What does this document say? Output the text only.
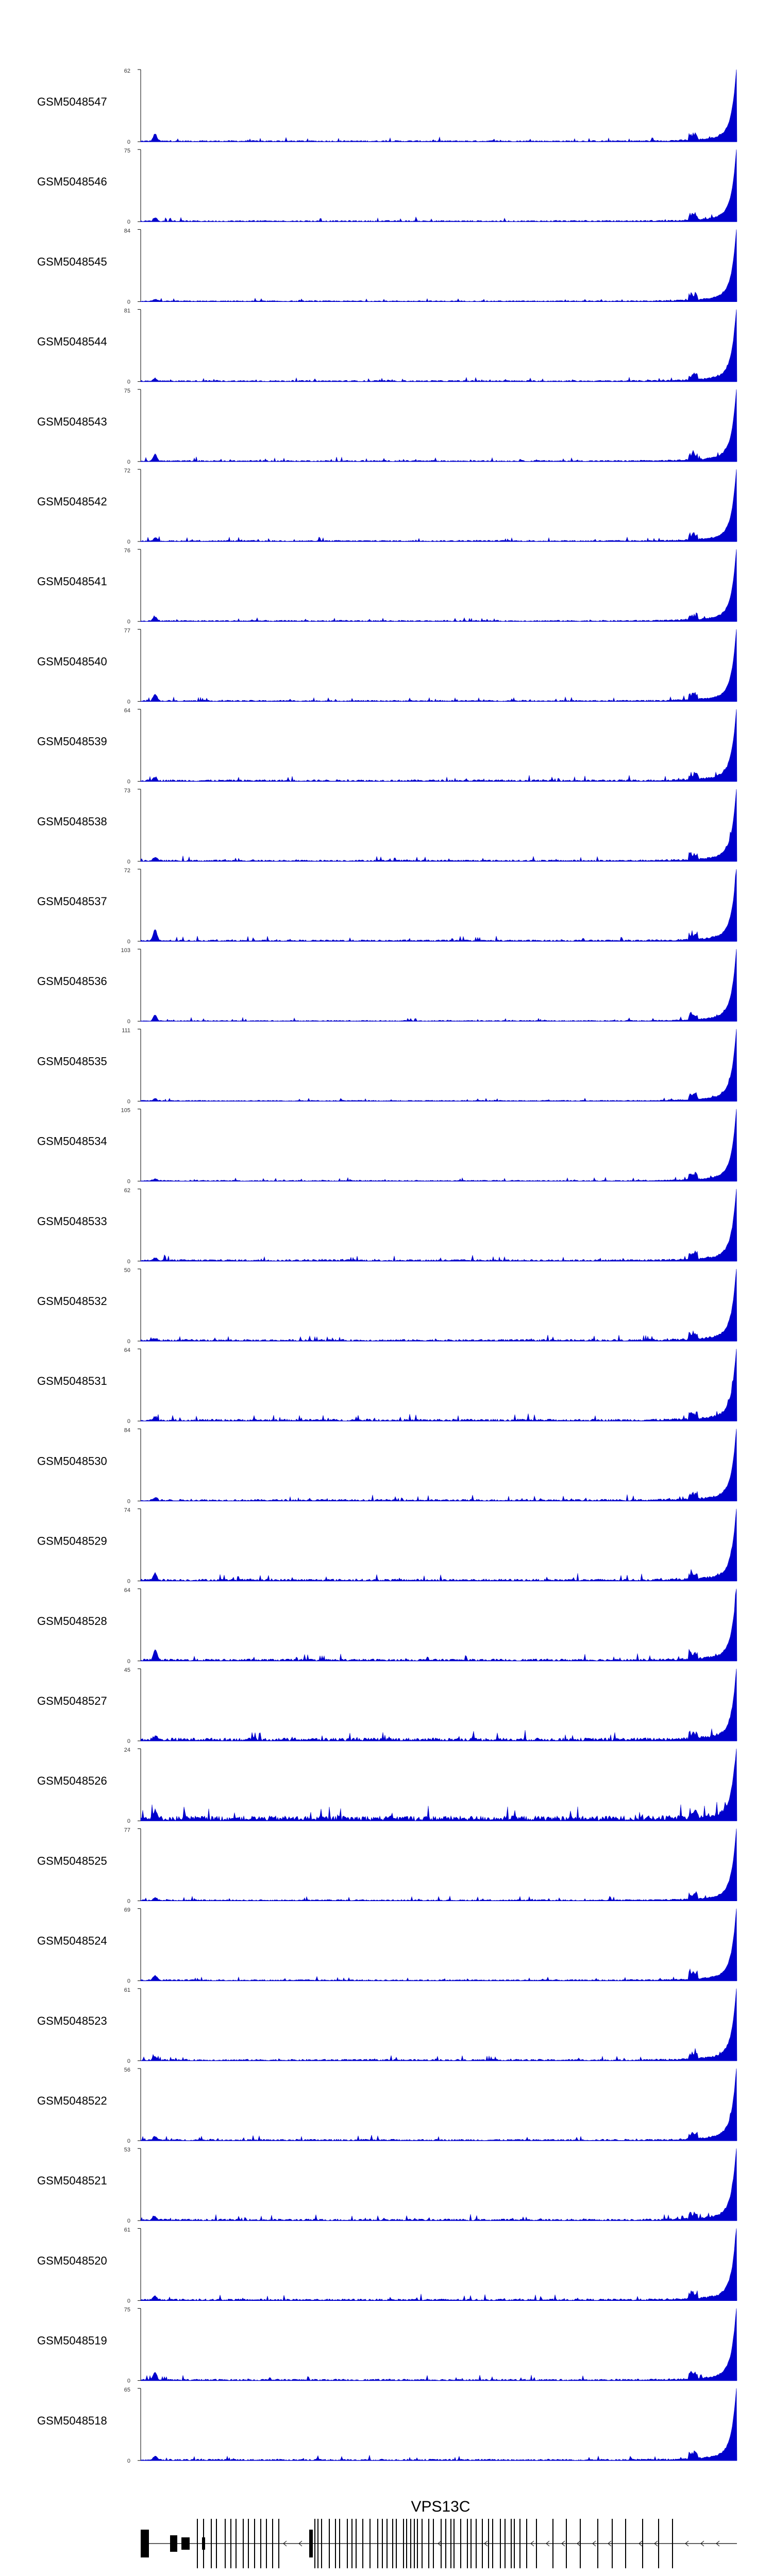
GSM5048547
62
0
GSM5048546
75
0
GSM5048545
84
0
GSM5048544
81
0
GSM5048543
75
0
GSM5048542
72
0
GSM5048541
76
0
GSM5048540
77
0
GSM5048539
64
0
GSM5048538
73
0
GSM5048537
72
0
GSM5048536
103
0
GSM5048535
111
0
GSM5048534
105
0
GSM5048533
62
0
GSM5048532
50
0
GSM5048531
64
0
GSM5048530
84
0
GSM5048529
74
0
GSM5048528
64
0
GSM5048527
45
0
GSM5048526
24
0
GSM5048525
77
0
GSM5048524
69
0
GSM5048523
61
0
GSM5048522
56
0
GSM5048521
53
0
GSM5048520
61
0
GSM5048519
75
0
GSM5048518
65
0
VPS13C
